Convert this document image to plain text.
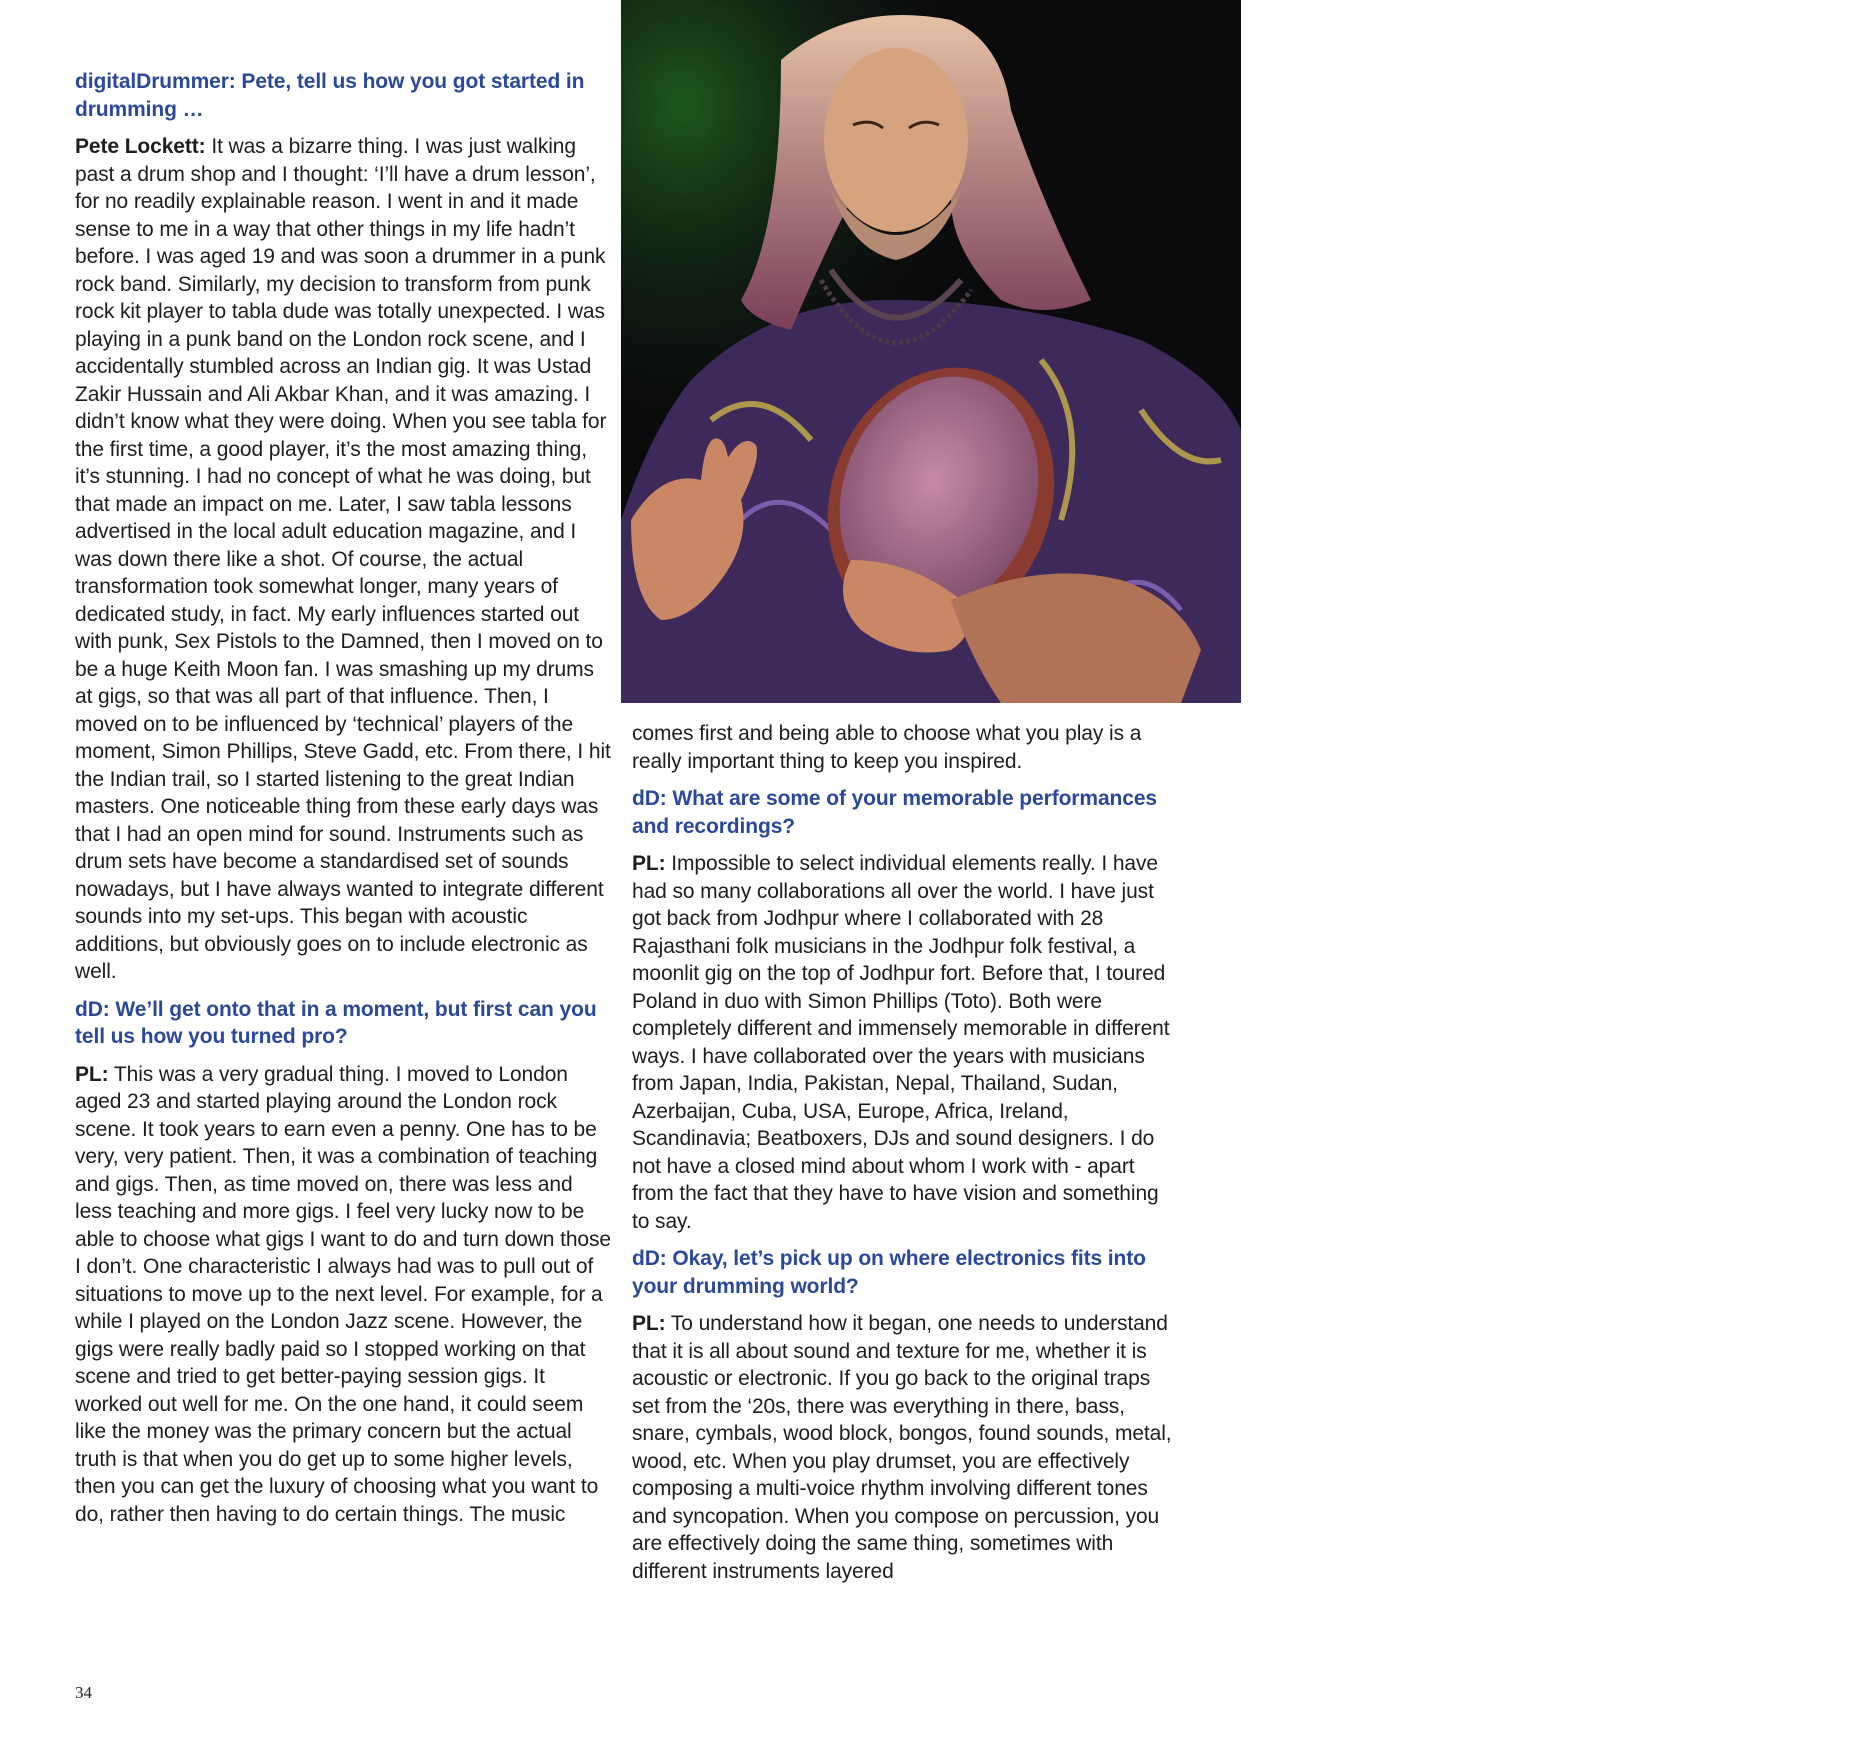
PHOTO: HANS BRENDESTAM

digitalDrummer: Pete, tell us how you got started in drumming …

Pete Lockett: It was a bizarre thing. I was just walking past a drum shop and I thought: ‘I’ll have a drum lesson’, for no readily explainable reason. I went in and it made sense to me in a way that other things in my life hadn’t before. I was aged 19 and was soon a drummer in a punk rock band. Similarly, my decision to transform from punk rock kit player to tabla dude was totally unexpected. I was playing in a punk band on the London rock scene, and I accidentally stumbled across an Indian gig. It was Ustad Zakir Hussain and Ali Akbar Khan, and it was amazing. I didn’t know what they were doing. When you see tabla for the first time, a good player, it’s the most amazing thing, it’s stunning. I had no concept of what he was doing, but that made an impact on me. Later, I saw tabla lessons advertised in the local adult education magazine, and I was down there like a shot. Of course, the actual transformation took somewhat longer, many years of dedicated study, in fact. My early influences started out with punk, Sex Pistols to the Damned, then I moved on to be a huge Keith Moon fan. I was smashing up my drums at gigs, so that was all part of that influence. Then, I moved on to be influenced by ‘technical’ players of the moment, Simon Phillips, Steve Gadd, etc. From there, I hit the Indian trail, so I started listening to the great Indian masters. One noticeable thing from these early days was that I had an open mind for sound. Instruments such as drum sets have become a standardised set of sounds nowadays, but I have always wanted to integrate different sounds into my set-ups. This began with acoustic additions, but obviously goes on to include electronic as well.

dD: We’ll get onto that in a moment, but first can you tell us how you turned pro?

PL: This was a very gradual thing. I moved to London aged 23 and started playing around the London rock scene. It took years to earn even a penny. One has to be very, very patient. Then, it was a combination of teaching and gigs. Then, as time moved on, there was less and less teaching and more gigs. I feel very lucky now to be able to choose what gigs I want to do and turn down those I don’t. One characteristic I always had was to pull out of situations to move up to the next level. For example, for a while I played on the London Jazz scene. However, the gigs were really badly paid so I stopped working on that scene and tried to get better-paying session gigs. It worked out well for me. On the one hand, it could seem like the money was the primary concern but the actual truth is that when you do get up to some higher levels, then you can get the luxury of choosing what you want to do, rather then having to do certain things. The music

comes first and being able to choose what you play is a really important thing to keep you inspired.

dD: What are some of your memorable performances and recordings?

PL: Impossible to select individual elements really. I have had so many collaborations all over the world. I have just got back from Jodhpur where I collaborated with 28 Rajasthani folk musicians in the Jodhpur folk festival, a moonlit gig on the top of Jodhpur fort. Before that, I toured Poland in duo with Simon Phillips (Toto). Both were completely different and immensely memorable in different ways. I have collaborated over the years with musicians from Japan, India, Pakistan, Nepal, Thailand, Sudan, Azerbaijan, Cuba, USA, Europe, Africa, Ireland, Scandinavia; Beatboxers, DJs and sound designers. I do not have a closed mind about whom I work with - apart from the fact that they have to have vision and something to say.

dD: Okay, let’s pick up on where electronics fits into your drumming world?

PL: To understand how it began, one needs to understand that it is all about sound and texture for me, whether it is acoustic or electronic. If you go back to the original traps set from the ‘20s, there was everything in there, bass, snare, cymbals, wood block, bongos, found sounds, metal, wood, etc. When you play drumset, you are effectively composing a multi-voice rhythm involving different tones and syncopation. When you compose on percussion, you are effectively doing the same thing, sometimes with different instruments layered

34
